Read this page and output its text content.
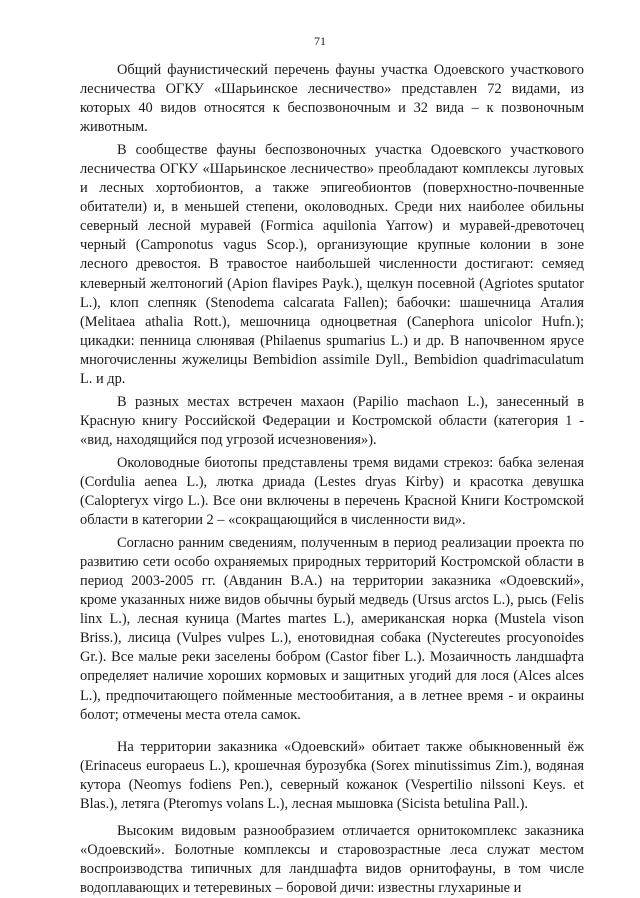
71

Общий фаунистический перечень фауны участка Одоевского участкового лесничества ОГКУ «Шарьинское лесничество» представлен 72 видами, из которых 40 видов относятся к беспозвоночным и 32 вида – к позвоночным животным.

В сообществе фауны беспозвоночных участка Одоевского участкового лесничества ОГКУ «Шарьинское лесничество» преобладают комплексы луговых и лесных хортобионтов, а также эпигеобионтов (поверхностно-почвенные обитатели) и, в меньшей степени, околоводных. Среди них наиболее обильны северный лесной муравей (Formica aquilonia Yarrow) и муравей-древоточец черный (Camponotus vagus Scop.), организующие крупные колонии в зоне лесного древостоя. В травостое наибольшей численности достигают: семяед клеверный желтоногий (Apion flavipes Payk.), щелкун посевной (Agriotes sputator L.), клоп слепняк (Stenodema calcarata Fallen); бабочки: шашечница Аталия (Melitaea athalia Rott.), мешочница одноцветная (Canephora unicolor Hufn.); цикадки: пенница слюнявая (Philaenus spumarius L.) и др. В напочвенном ярусе многочисленны жужелицы Bembidion assimile Dyll., Bembidion quadrimaculatum L. и др.

В разных местах встречен махаон (Papilio machaon L.), занесенный в Красную книгу Российской Федерации и Костромской области (категория 1 - «вид, находящийся под угрозой исчезновения»).

Околоводные биотопы представлены тремя видами стрекоз: бабка зеленая (Cordulia aenea L.), лютка дриада (Lestes dryas Kirby) и красотка девушка (Calopteryx virgo L.). Все они включены в перечень Красной Книги Костромской области в категории 2 – «сокращающийся в численности вид».

Согласно ранним сведениям, полученным в период реализации проекта по развитию сети особо охраняемых природных территорий Костромской области в период 2003-2005 гг. (Авданин В.А.) на территории заказника «Одоевский», кроме указанных ниже видов обычны бурый медведь (Ursus arctos L.), рысь (Felis linx L.), лесная куница (Martes martes L.), американская норка (Mustela vison Briss.), лисица (Vulpes vulpes L.), енотовидная собака (Nyctereutes procyonoides Gr.). Все малые реки заселены бобром (Castor fiber L.). Мозаичность ландшафта определяет наличие хороших кормовых и защитных угодий для лося (Alces alces L.), предпочитающего пойменные местообитания, а в летнее время - и окраины болот; отмечены места отела самок.

На территории заказника «Одоевский» обитает также обыкновенный ёж (Erinaceus europaeus L.), крошечная бурозубка (Sorex minutissimus Zim.), водяная кутора (Neomys fodiens Pen.), северный кожанок (Vespertilio nilssoni Keys. et Blas.), летяга (Pteromys volans L.), лесная мышовка (Sicista betulina Pall.).

Высоким видовым разнообразием отличается орнитокомплекс заказника «Одоевский». Болотные комплексы и старовозрастные леса служат местом воспроизводства типичных для ландшафта видов орнитофауны, в том числе водоплавающих и тетеревиных – боровой дичи: известны глухариные и
